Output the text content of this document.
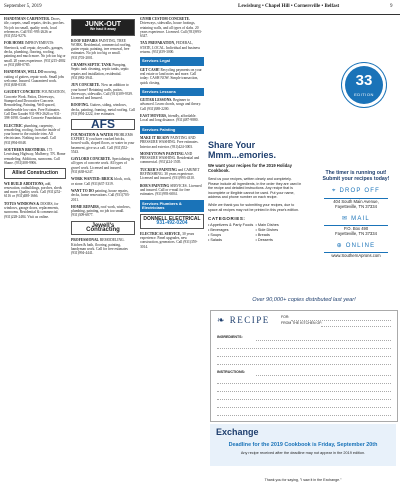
September 5, 2019	Lewisburg • Chapel Hill • Cornersville • Belfast	9

HANDYMAN CARPENTER. Doors, tile, carpets, small repairs, decks, porches. No job too small, quality work, local references. Call 931-993-2626 or (931)552-9276.

FOR HOME IMPROVEMENTS: Sheetrock, wall repair, drywalls, garages, decks, plumbing, flooring, roofing, painting and much more. No job too big or small. 20 years experience. (931)215-4802 or (931)388-0785.

HANDYMAN, WILL DO mowing, cutting of gutters, repair work. Small jobs welcome. Insured. Guaranteed work. (931)638-0338.

GAUDET CONCRETE FOUNDATION, Concrete Work. Patios, Driveways, Stamped and Decorative Concrete. Remodeling, Painting. Well spaced, unbelievable low rates. Free Estimates. Call Dan Gaudet 931-993-2626 or 931-398-1098. Gaudet Concrete Foundation.

ELECTRIC plumbing, carpentry, remodeling, roofing, from the inside of your home to the outside trim. All electricians. Nothing too small. Call (931)994-0048.

SOUTHERN BROTHERS. 175 Lewisburg Highway, Mulberry, TN. Home remodeling. Additions, sunrooms. Call Shane. (931)308-9906.

Allied Construction

WE BUILD ADDITIONS, add, renovation, outbuildings, porches, sheds and more. Quality work. Call (931)252-6116 or (931)488-1666.

TOTUS WINDOWS & DOORS, for windows, garage doors, replacements, sunrooms. Residential & commercial. (931)228-2484. Visit us online.

JUNK-OUT
We haul it away

ROOF REPAIRS PAINTING, TREE WORK. Residential, commercial roofing, gutter repair, painting, tree removal, free estimates. No job too big or small. (931)703-2001.

CHAMPS SEPTIC TANK Pumping. Septic tank cleaning, septic tanks, septic repairs and installation, residential. (931)982-3941.

JUN CONCRETE. Now an addition to your home? Retaining walls, patios, driveways, sidewalks. Call (931)309-9339. Licensed and Insured.

ROOFING. Gutters, siding, windows, decks, painting, framing, metal roofing. Call (931)994-2222, free estimates.

AFS

FOUNDATION & WATER PROBLEMS EXPERT. If you have cracked bricks, bowed walls, sloped floors, or water in your basement, give us a call. Call (931)552-5543.

GAYLORD CONCRETE. Specializing in all types of concrete work. All types of gravel work. Licensed and insured. (931)638-6247.

WORK WANTED: BRICK block, rock, or stone. Call (931)637-3319.

WANT TO DO painting, house repairs, decks, home renovations. Call (931)703-2011.

HOME REPAIRS, roof work, windows, plumbing, painting, no job too small. (931)309-6877.

Jewell's Contracting

PROFESSIONAL REMODELING. Kitchen & bath, flooring, painting, handyman work. Call for free estimates (931)994-4441.

GYMB CUSTOM CONCRETE. Driveways, sidewalks, house footings, retaining walls, and all types of slabs. 20 years experience. Licensed. Call (931)993-6347.

TAX PREPARATION, FEDERAL, STATE, LOCAL. Individual and business returns. (931)359-3000.

Services Legal

GET CASH! Recycling payments on your real estate or land notes and more. Call today: CASH NOW. Simple transaction, quick closing.

Services Lessons

GUITAR LESSONS. Beginner to advanced. Learn chords, songs and theory. Call (931)388-2200.

EAST MOVERS, friendly, affordable. Local and long distance. (931)487-9880.

Services Painting

MAKE IT READY PAINTING AND PRESSURE WASHING. Free estimates. Interior and exterior. (931)424-3003.

MONEYTOWN PAINTING AND PRESSURE WASHING. Residential and commercial. (931)224-1505.

TUCKER'S PAINTING and CABINET REFINISHING. 30 years experience. Licensed and insured. (931)993-4310.

BOB'S PAINTING SERVICES. Licensed and insured. Call or e-mail for free estimates. (931)993-6004.

Services Plumbers & Electricians
DONNELL ELECTRICAL
931-492-0204

ELECTRICAL SERVICE, 30 years experience. Panel upgrades, new construction, generators. Call (931)359-3014.

33
EDITION
Share Your Mmm...emories.

We want your recipes for the 2019 Holiday Cookbook.

Send us your recipes, written clearly and completely. Please include all ingredients, in the order they are used in the recipe and detailed instructions. Any recipe that is incomplete or illegible cannot be used. Put your name, address and phone number on each recipe.

While we thank you for submitting your recipes, due to space all recipes may not be printed in this year's edition.

CATEGORIES:
• Appetizers & Party Foods • Main Dishes
• Beverages	• Side Dishes
• Soups	• Breads
• Salads	• Desserts
The timer is running out! Submit your recipes today!
⌖ DROP OFF
404 South Main Avenue,
Fayetteville, TN 37334
✉ MAIL
P.O. Box 490
Fayetteville, TN 37334
⊕ ONLINE
www.SouthernAprons.com
Over 90,000+ copies distributed last year!
❧ RECIPE	FOR:
FROM THE KITCHEN OF:
INGREDIENTS:
INSTRUCTIONS:
Exchange
Deadline for the 2019 Cookbook is Friday, September 20th
Any recipe received after the deadline may not appear in the 2019 edition.
Thank you for saying, "I saw it in the Exchange."
